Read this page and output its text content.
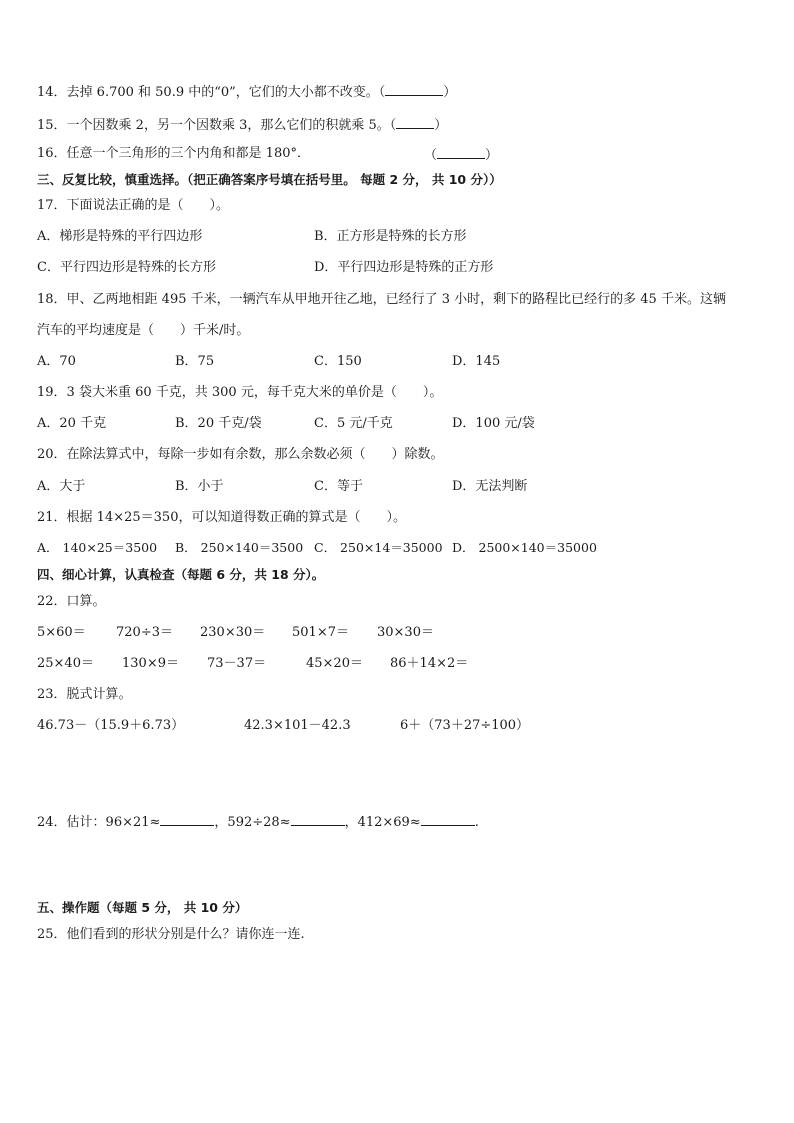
14．去掉 6.700 和 50.9 中的“0”，它们的大小都不改变。（	）
15．一个因数乘 2，另一个因数乘 3，那么它们的积就乘 5。（	）
16．任意一个三角形的三个内角和都是 180°．	（	）
三、反复比较，慎重选择。（把正确答案序号填在括号里。 每题 2 分， 共 10 分））
17．下面说法正确的是（　　）。
A．梯形是特殊的平行四边形	B．正方形是特殊的长方形
C．平行四边形是特殊的长方形	D．平行四边形是特殊的正方形
18．甲、乙两地相距 495 千米，一辆汽车从甲地开往乙地，已经行了 3 小时，剩下的路程比已经行的多 45 千米。这辆
汽车的平均速度是（　　）千米/时。
A．70	B．75	C．150	D．145
19．3 袋大米重 60 千克，共 300 元，每千克大米的单价是（　　）。
A．20 千克	B．20 千克/袋	C．5 元/千克	D．100 元/袋
20．在除法算式中，每除一步如有余数，那么余数必须（　　）除数。
A．大于	B．小于	C．等于	D．无法判断
21．根据 14×25＝350，可以知道得数正确的算式是（　　）。
A． 140×25＝3500 B． 250×140＝3500 C． 250×14＝35000 D． 2500×140＝35000
四、细心计算，认真检查（每题 6 分，共 18 分）。
22．口算。
5×60＝ 720÷3＝ 230×30＝ 501×7＝ 30×30＝
25×40＝ 130×9＝ 73－37＝	45×20＝ 86＋14×2＝
23．脱式计算。
46.73－（15.9＋6.73）	42.3×101－42.3	6＋（73＋27÷100）
24．估计：96×21≈	，592÷28≈	，412×69≈	.
五、操作题（每题 5 分， 共 10 分）
25．他们看到的形状分别是什么？请你连一连.
